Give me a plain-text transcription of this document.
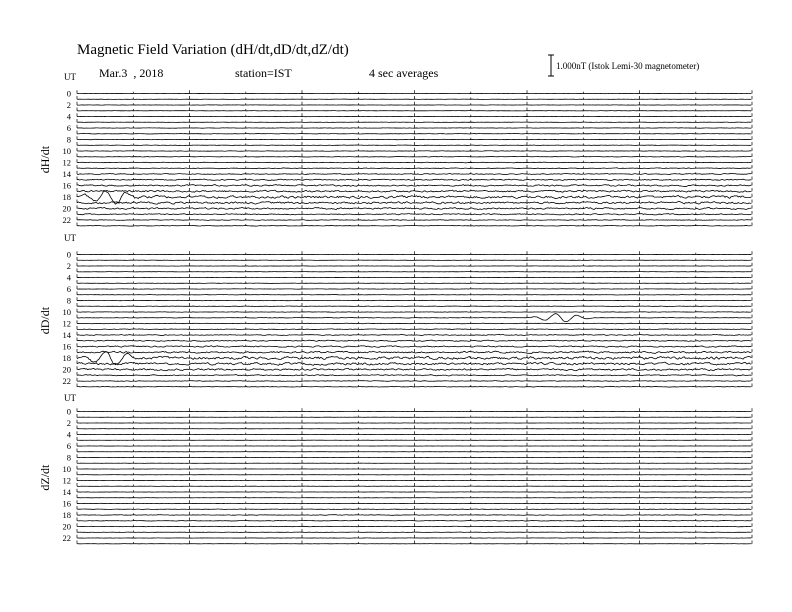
Magnetic Field Variation (dH/dt,dD/dt,dZ/dt)
Mar.3  , 2018	station=IST	4 sec averages	1.000nT (Istok Lemi-30 magnetometer)
UT
dH/dt
0
2
4
6
8
10
12
14
16
18
20
22
UT
dD/dt
0
2
4
6
8
10
12
14
16
18
20
22
UT
dZ/dt
0
2
4
6
8
10
12
14
16
18
20
22
